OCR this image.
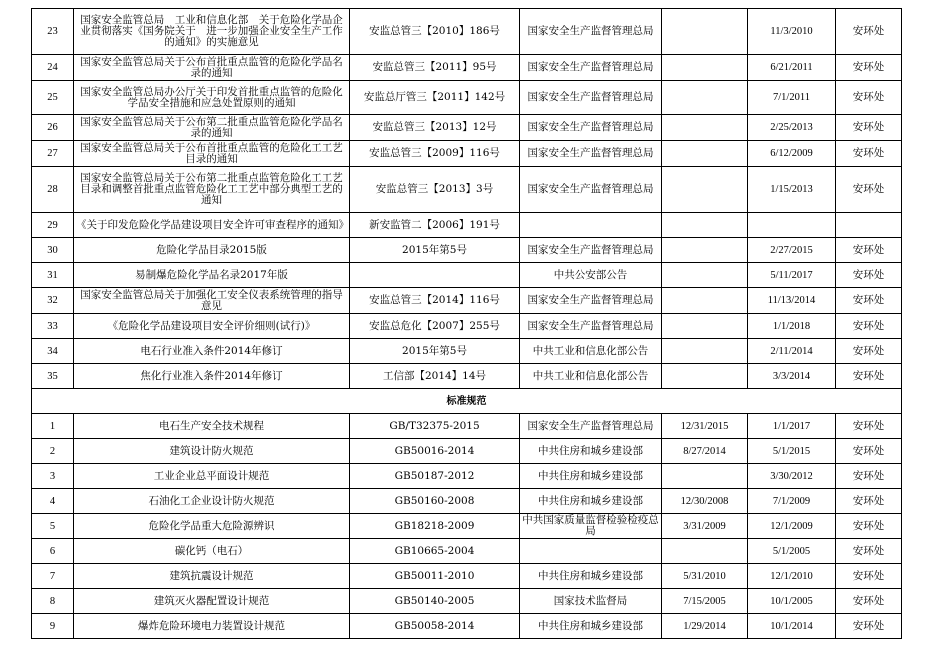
23	国家安全监管总局　工业和信息化部　关于危险化学品企业贯彻落实《国务院关于　进一步加强企业安全生产工作的通知》的实施意见	安监总管三【2010】186号	国家安全生产监督管理总局		11/3/2010	安环处
24	国家安全监管总局关于公布首批重点监管的危险化学品名录的通知	安监总管三【2011】95号	国家安全生产监督管理总局		6/21/2011	安环处
25	国家安全监管总局办公厅关于印发首批重点监管的危险化学品安全措施和应急处置原则的通知	安监总厅管三【2011】142号	国家安全生产监督管理总局		7/1/2011	安环处
26	国家安全监管总局关于公布第二批重点监管危险化学品名录的通知	安监总管三【2013】12号	国家安全生产监督管理总局		2/25/2013	安环处
27	国家安全监管总局关于公布首批重点监管的危险化工工艺目录的通知	安监总管三【2009】116号	国家安全生产监督管理总局		6/12/2009	安环处
28	国家安全监管总局关于公布第二批重点监管危险化工工艺目录和调整首批重点监管危险化工工艺中部分典型工艺的通知	安监总管三【2013】3号	国家安全生产监督管理总局		1/15/2013	安环处
29	《关于印发危险化学品建设项目安全许可审查程序的通知》	新安监管二【2006】191号				
30	危险化学品目录2015版	2015年第5号	国家安全生产监督管理总局		2/27/2015	安环处
31	易制爆危险化学品名录2017年版		中共公安部公告		5/11/2017	安环处
32	国家安全监管总局关于加强化工安全仪表系统管理的指导意见	安监总管三【2014】116号	国家安全生产监督管理总局		11/13/2014	安环处
33	《危险化学品建设项目安全评价细则(试行)》	安监总危化【2007】255号	国家安全生产监督管理总局		1/1/2018	安环处
34	电石行业准入条件2014年修订	2015年第5号	中共工业和信息化部公告		2/11/2014	安环处
35	焦化行业准入条件2014年修订	工信部【2014】14号	中共工业和信息化部公告		3/3/2014	安环处
标准规范						
1	电石生产安全技术规程	GB/T32375-2015	国家安全生产监督管理总局	12/31/2015	1/1/2017	安环处
2	建筑设计防火规范	GB50016-2014	中共住房和城乡建设部	8/27/2014	5/1/2015	安环处
3	工业企业总平面设计规范	GB50187-2012	中共住房和城乡建设部		3/30/2012	安环处
4	石油化工企业设计防火规范	GB50160-2008	中共住房和城乡建设部	12/30/2008	7/1/2009	安环处
5	危险化学品重大危险源辨识	GB18218-2009	中共国家质量监督检验检疫总局	3/31/2009	12/1/2009	安环处
6	碳化钙（电石）	GB10665-2004			5/1/2005	安环处
7	建筑抗震设计规范	GB50011-2010	中共住房和城乡建设部	5/31/2010	12/1/2010	安环处
8	建筑灭火器配置设计规范	GB50140-2005	国家技术监督局	7/15/2005	10/1/2005	安环处
9	爆炸危险环境电力装置设计规范	GB50058-2014	中共住房和城乡建设部	1/29/2014	10/1/2014	安环处
